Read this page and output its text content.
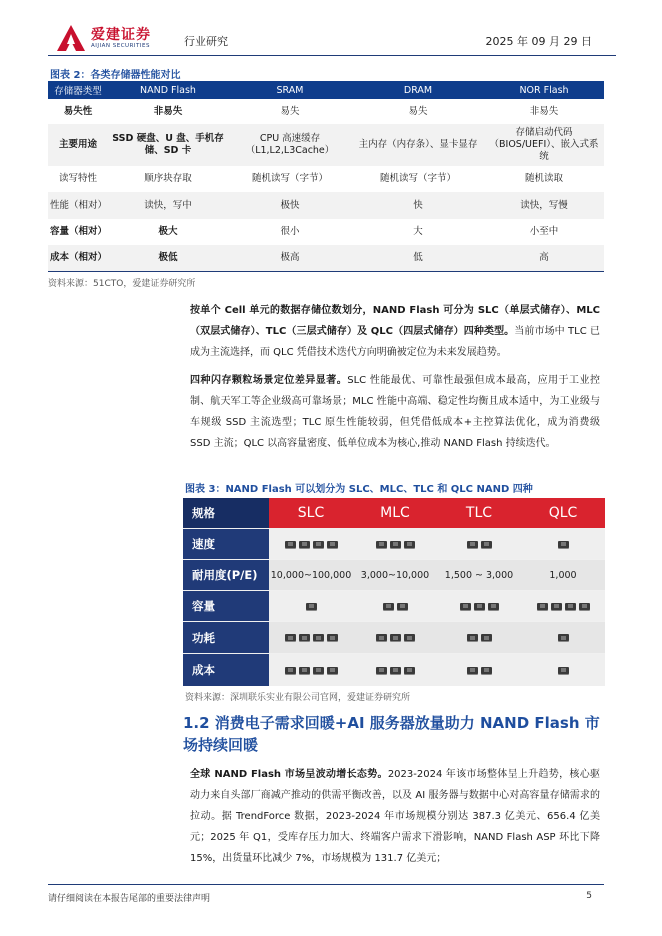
爱建证券
AIJIAN SECURITIES	行业研究	2025 年 09 月 29 日
图表 2：各类存储器性能对比
存储器类型	NAND Flash	SRAM	DRAM	NOR Flash
易失性	非易失	易失	易失	非易失
主要用途	SSD 硬盘、U 盘、手机存储、SD 卡	CPU 高速缓存（L1,L2,L3Cache）	主内存（内存条）、显卡显存	存储启动代码（BIOS/UEFI）、嵌入式系统
读写特性	顺序块存取	随机读写（字节）	随机读写（字节）	随机读取
性能（相对）	读快，写中	极快	快	读快，写慢
容量（相对）	极大	很小	大	小至中
成本（相对）	极低	极高	低	高
资料来源：51CTO，爱建证券研究所
按单个 Cell 单元的数据存储位数划分，NAND Flash 可分为 SLC（单层式储存）、MLC（双层式储存）、TLC（三层式储存）及 QLC（四层式储存）四种类型。当前市场中 TLC 已成为主流选择，而 QLC 凭借技术迭代方向明确被定位为未来发展趋势。
四种闪存颗粒场景定位差异显著。SLC 性能最优、可靠性最强但成本最高，应用于工业控制、航天军工等企业级高可靠场景；MLC 性能中高端、稳定性均衡且成本适中，为工业级与车规级 SSD 主流选型；TLC 原生性能较弱，但凭借低成本+主控算法优化，成为消费级 SSD 主流；QLC 以高容量密度、低单位成本为核心,推动 NAND Flash 持续迭代。
图表 3：NAND Flash 可以划分为 SLC、MLC、TLC 和 QLC NAND 四种
规格	SLC	MLC	TLC	QLC
速度
耐用度(P/E)	10,000~100,000	3,000~10,000	1,500 ~ 3,000	1,000
容量
功耗
成本
资料来源：深圳联乐实业有限公司官网，爱建证券研究所
1.2 消费电子需求回暖+AI 服务器放量助力 NAND Flash 市场持续回暖
全球 NAND Flash 市场呈波动增长态势。2023-2024 年该市场整体呈上升趋势，核心驱动力来自头部厂商减产推动的供需平衡改善，以及 AI 服务器与数据中心对高容量存储需求的拉动。据 TrendForce 数据，2023-2024 年市场规模分别达 387.3 亿美元、656.4 亿美元；2025 年 Q1，受库存压力加大、终端客户需求下滑影响，NAND Flash ASP 环比下降 15%，出货量环比减少 7%，市场规模为 131.7 亿美元；
请仔细阅读在本报告尾部的重要法律声明	5
